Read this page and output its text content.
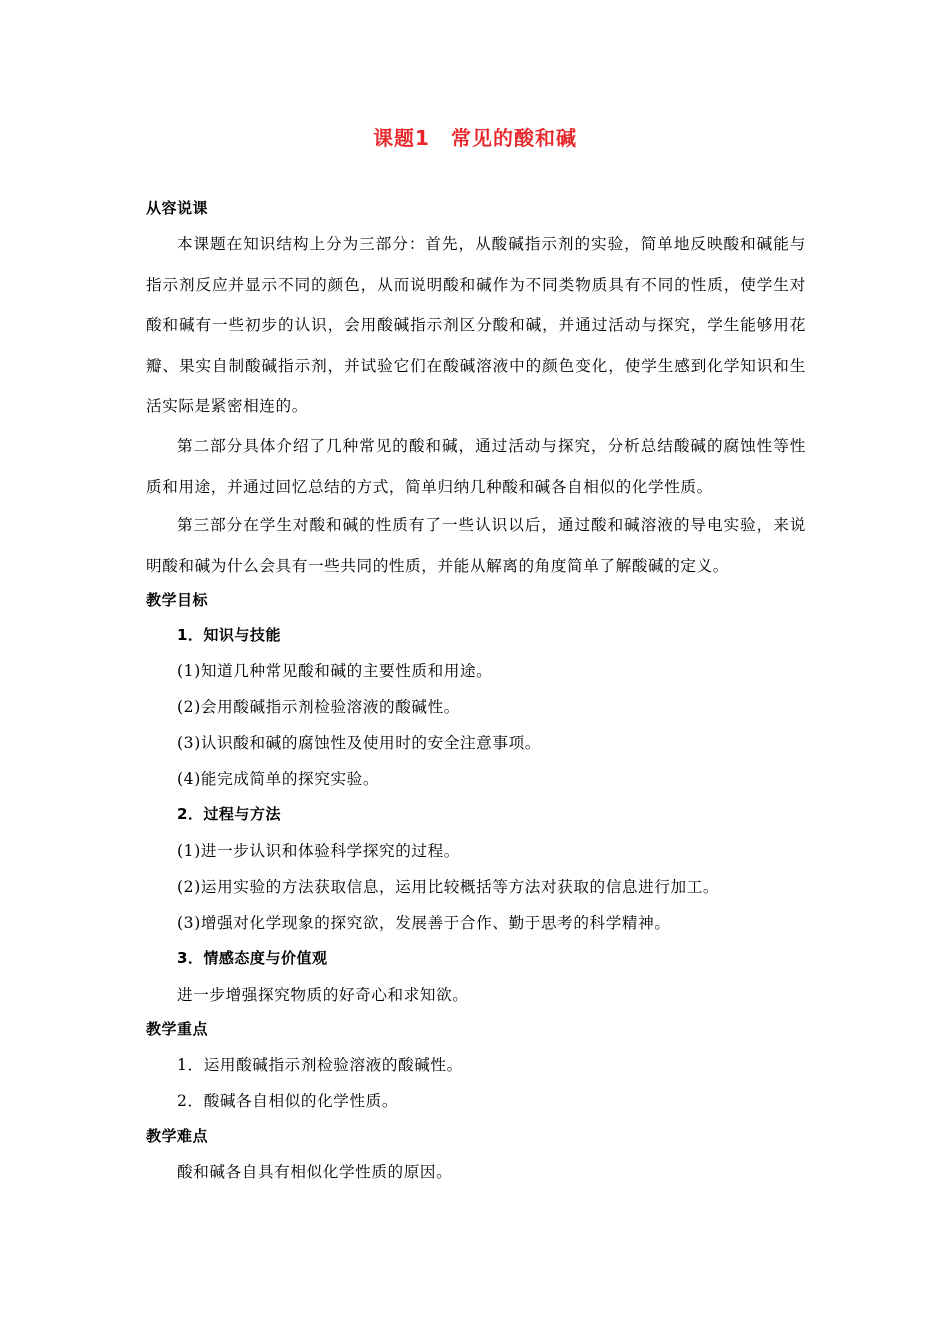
课题1　常见的酸和碱
从容说课
本课题在知识结构上分为三部分：首先，从酸碱指示剂的实验，简单地反映酸和碱能与指示剂反应并显示不同的颜色，从而说明酸和碱作为不同类物质具有不同的性质，使学生对酸和碱有一些初步的认识，会用酸碱指示剂区分酸和碱，并通过活动与探究，学生能够用花瓣、果实自制酸碱指示剂，并试验它们在酸碱溶液中的颜色变化，使学生感到化学知识和生活实际是紧密相连的。
第二部分具体介绍了几种常见的酸和碱，通过活动与探究，分析总结酸碱的腐蚀性等性质和用途，并通过回忆总结的方式，简单归纳几种酸和碱各自相似的化学性质。
第三部分在学生对酸和碱的性质有了一些认识以后，通过酸和碱溶液的导电实验，来说明酸和碱为什么会具有一些共同的性质，并能从解离的角度简单了解酸碱的定义。
教学目标
1．知识与技能
(1)知道几种常见酸和碱的主要性质和用途。
(2)会用酸碱指示剂检验溶液的酸碱性。
(3)认识酸和碱的腐蚀性及使用时的安全注意事项。
(4)能完成简单的探究实验。
2．过程与方法
(1)进一步认识和体验科学探究的过程。
(2)运用实验的方法获取信息，运用比较概括等方法对获取的信息进行加工。
(3)增强对化学现象的探究欲，发展善于合作、勤于思考的科学精神。
3．情感态度与价值观
进一步增强探究物质的好奇心和求知欲。
教学重点
1．运用酸碱指示剂检验溶液的酸碱性。
2．酸碱各自相似的化学性质。
教学难点
酸和碱各自具有相似化学性质的原因。
